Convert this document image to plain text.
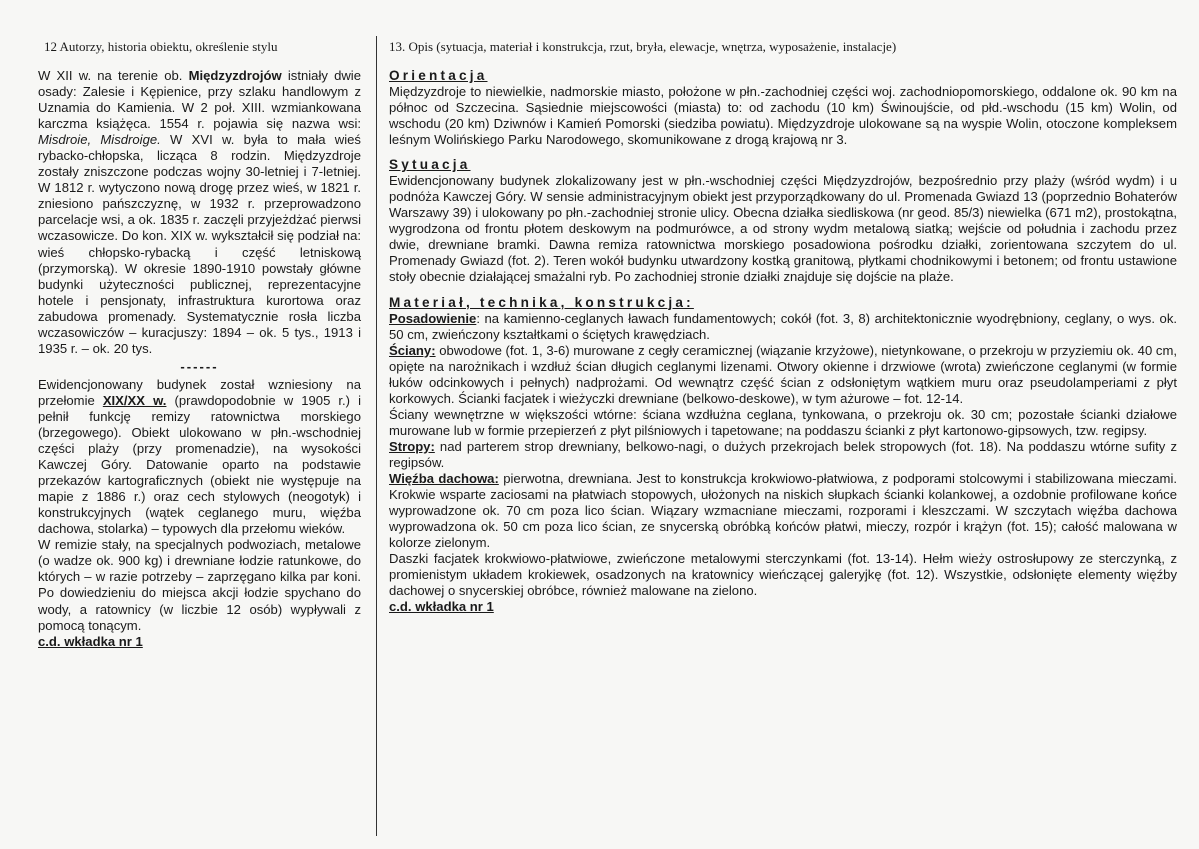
12 Autorzy, historia obiektu, określenie stylu	13. Opis (sytuacja, materiał i konstrukcja, rzut, bryła, elewacje, wnętrza, wyposażenie, instalacje)

W XII w. na terenie ob. Międzyzdrojów istniały dwie osady: Zalesie i Kępienice, przy szlaku handlowym z Uznamia do Kamienia. W 2 poł. XIII. wzmiankowana karczma książęca. 1554 r. pojawia się nazwa wsi: Misdroie, Misdroige. W XVI w. była to mała wieś rybacko-chłopska, licząca 8 rodzin. Międzyzdroje zostały zniszczone podczas wojny 30-letniej i 7-letniej. W 1812 r. wytyczono nową drogę przez wieś, w 1821 r. zniesiono pańszczyznę, w 1932 r. przeprowadzono parcelacje wsi, a ok. 1835 r. zaczęli przyjeżdżać pierwsi wczasowicze. Do kon. XIX w. wykształcił się podział na: wieś chłopsko-rybacką i część letniskową (przymorską). W okresie 1890-1910 powstały główne budynki użyteczności publicznej, reprezentacyjne hotele i pensjonaty, infrastruktura kurortowa oraz zabudowa promenady. Systematycznie rosła liczba wczasowiczów – kuracjuszy: 1894 – ok. 5 tys., 1913 i 1935 r. – ok. 20 tys.

------

Ewidencjonowany budynek został wzniesiony na przełomie XIX/XX w. (prawdopodobnie w 1905 r.) i pełnił funkcję remizy ratownictwa morskiego (brzegowego). Obiekt ulokowano w płn.-wschodniej części plaży (przy promenadzie), na wysokości Kawczej Góry. Datowanie oparto na podstawie przekazów kartograficznych (obiekt nie występuje na mapie z 1886 r.) oraz cech stylowych (neogotyk) i konstrukcyjnych (wątek ceglanego muru, więźba dachowa, stolarka) – typowych dla przełomu wieków.

W remizie stały, na specjalnych podwoziach, metalowe (o wadze ok. 900 kg) i drewniane łodzie ratunkowe, do których – w razie potrzeby – zaprzęgano kilka par koni. Po dowiedzieniu do miejsca akcji łodzie spychano do wody, a ratownicy (w liczbie 12 osób) wypływali z pomocą tonącym.

c.d. wkładka nr 1

Orientacja

Międzyzdroje to niewielkie, nadmorskie miasto, położone w płn.-zachodniej części woj. zachodniopomorskiego, oddalone ok. 90 km na północ od Szczecina. Sąsiednie miejscowości (miasta) to: od zachodu (10 km) Świnoujście, od płd.-wschodu (15 km) Wolin, od wschodu (20 km) Dziwnów i Kamień Pomorski (siedziba powiatu). Międzyzdroje ulokowane są na wyspie Wolin, otoczone kompleksem leśnym Wolińskiego Parku Narodowego, skomunikowane z drogą krajową nr 3.

Sytuacja

Ewidencjonowany budynek zlokalizowany jest w płn.-wschodniej części Międzyzdrojów, bezpośrednio przy plaży (wśród wydm) i u podnóża Kawczej Góry. W sensie administracyjnym obiekt jest przyporządkowany do ul. Promenada Gwiazd 13 (poprzednio Bohaterów Warszawy 39) i ulokowany po płn.-zachodniej stronie ulicy. Obecna działka siedliskowa (nr geod. 85/3) niewielka (671 m2), prostokątna, wygrodzona od frontu płotem deskowym na podmurówce, a od strony wydm metalową siatką; wejście od południa i zachodu przez dwie, drewniane bramki. Dawna remiza ratownictwa morskiego posadowiona pośrodku działki, zorientowana szczytem do ul. Promenady Gwiazd (fot. 2). Teren wokół budynku utwardzony kostką granitową, płytkami chodnikowymi i betonem; od frontu ustawione stoły obecnie działającej smażalni ryb. Po zachodniej stronie działki znajduje się dojście na plaże.

Materiał, technika, konstrukcja:

Posadowienie: na kamienno-ceglanych ławach fundamentowych; cokół (fot. 3, 8) architektonicznie wyodrębniony, ceglany, o wys. ok. 50 cm, zwieńczony kształtkami o ściętych krawędziach.

Ściany: obwodowe (fot. 1, 3-6) murowane z cegły ceramicznej (wiązanie krzyżowe), nietynkowane, o przekroju w przyziemiu ok. 40 cm, opięte na narożnikach i wzdłuż ścian długich ceglanymi lizenami. Otwory okienne i drzwiowe (wrota) zwieńczone ceglanymi (w formie łuków odcinkowych i pełnych) nadprożami. Od wewnątrz część ścian z odsłoniętym wątkiem muru oraz pseudolamperiami z płyt korkowych. Ścianki facjatek i wieżyczki drewniane (belkowo-deskowe), w tym ażurowe – fot. 12-14.

Ściany wewnętrzne w większości wtórne: ściana wzdłużna ceglana, tynkowana, o przekroju ok. 30 cm; pozostałe ścianki działowe murowane lub w formie przepierzeń z płyt pilśniowych i tapetowane; na poddaszu ścianki z płyt kartonowo-gipsowych, tzw. regipsy.

Stropy: nad parterem strop drewniany, belkowo-nagi, o dużych przekrojach belek stropowych (fot. 18). Na poddaszu wtórne sufity z regipsów.

Więźba dachowa: pierwotna, drewniana. Jest to konstrukcja krokwiowo-płatwiowa, z podporami stolcowymi i stabilizowana mieczami. Krokwie wsparte zaciosami na płatwiach stopowych, ułożonych na niskich słupkach ścianki kolankowej, a ozdobnie profilowane końce wyprowadzone ok. 70 cm poza lico ścian. Wiązary wzmacniane mieczami, rozporami i kleszczami. W szczytach więźba dachowa wyprowadzona ok. 50 cm poza lico ścian, ze snycerską obróbką końców płatwi, mieczy, rozpór i krążyn (fot. 15); całość malowana w kolorze zielonym.

Daszki facjatek krokwiowo-płatwiowe, zwieńczone metalowymi sterczynkami (fot. 13-14). Hełm wieży ostrosłupowy ze sterczynką, z promienistym układem krokiewek, osadzonych na kratownicy wieńczącej galeryjkę (fot. 12). Wszystkie, odsłonięte elementy więźby dachowej o snycerskiej obróbce, również malowane na zielono.

c.d. wkładka nr 1
